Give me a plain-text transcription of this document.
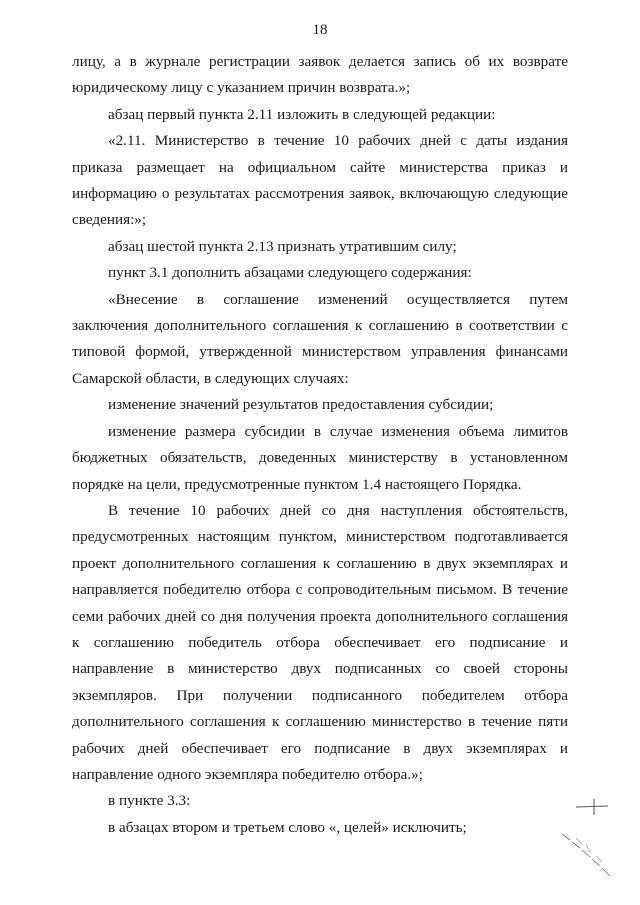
18

лицу, а в журнале регистрации заявок делается запись об их возврате юридическому лицу с указанием причин возврата.»;

абзац первый пункта 2.11 изложить в следующей редакции:

«2.11. Министерство в течение 10 рабочих дней с даты издания приказа размещает на официальном сайте министерства приказ и информацию о результатах рассмотрения заявок, включающую следующие сведения:»;

абзац шестой пункта 2.13 признать утратившим силу;

пункт 3.1 дополнить абзацами следующего содержания:

«Внесение в соглашение изменений осуществляется путем заключения дополнительного соглашения к соглашению в соответствии с типовой формой, утвержденной министерством управления финансами Самарской области, в следующих случаях:

изменение значений результатов предоставления субсидии;

изменение размера субсидии в случае изменения объема лимитов бюджетных обязательств, доведенных министерству в установленном порядке на цели, предусмотренные пунктом 1.4 настоящего Порядка.

В течение 10 рабочих дней со дня наступления обстоятельств, предусмотренных настоящим пунктом, министерством подготавливается проект дополнительного соглашения к соглашению в двух экземплярах и направляется победителю отбора с сопроводительным письмом. В течение семи рабочих дней со дня получения проекта дополнительного соглашения к соглашению победитель отбора обеспечивает его подписание и направление в министерство двух подписанных со своей стороны экземпляров. При получении подписанного победителем отбора дополнительного соглашения к соглашению министерство в течение пяти рабочих дней обеспечивает его подписание в двух экземплярах и направление одного экземпляра победителю отбора.»;

в пункте 3.3:

в абзацах втором и третьем слово «, целей» исключить;
